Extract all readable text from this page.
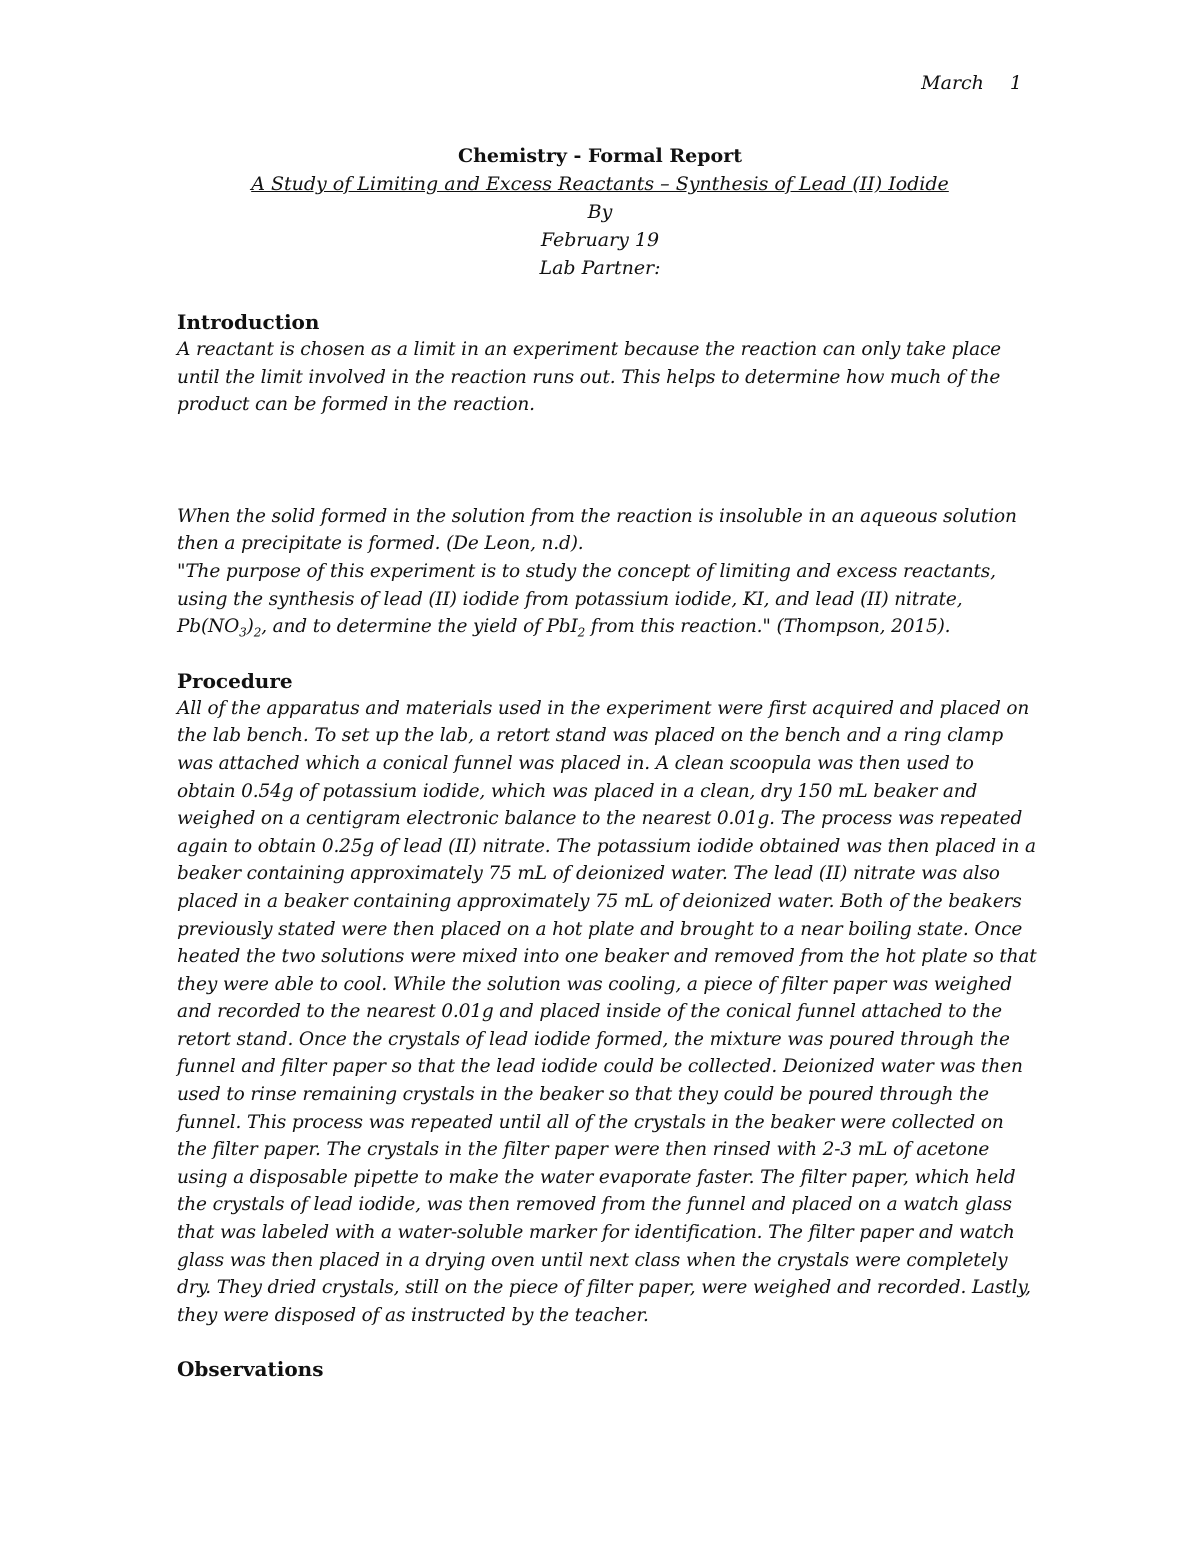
March 1
Chemistry - Formal Report
A Study of Limiting and Excess Reactants – Synthesis of Lead (II) Iodide
By
February 19
Lab Partner:
Introduction

A reactant is chosen as a limit in an experiment because the reaction can only take place until the limit involved in the reaction runs out. This helps to determine how much of the product can be formed in the reaction.

When the solid formed in the solution from the reaction is insoluble in an aqueous solution then a precipitate is formed. (De Leon, n.d).

"The purpose of this experiment is to study the concept of limiting and excess reactants, using the synthesis of lead (II) iodide from potassium iodide, KI, and lead (II) nitrate, $Pb(NO_3)_2$, and to determine the yield of PbI$_2$ from this reaction." (Thompson, 2015).

Procedure

All of the apparatus and materials used in the experiment were first acquired and placed on the lab bench. To set up the lab, a retort stand was placed on the bench and a ring clamp was attached which a conical funnel was placed in. A clean scoopula was then used to obtain 0.54g of potassium iodide, which was placed in a clean, dry 150 mL beaker and weighed on a centigram electronic balance to the nearest 0.01g. The process was repeated again to obtain 0.25g of lead (II) nitrate. The potassium iodide obtained was then placed in a beaker containing approximately 75 mL of deionized water. The lead (II) nitrate was also placed in a beaker containing approximately 75 mL of deionized water. Both of the beakers previously stated were then placed on a hot plate and brought to a near boiling state. Once heated the two solutions were mixed into one beaker and removed from the hot plate so that they were able to cool. While the solution was cooling, a piece of filter paper was weighed and recorded to the nearest 0.01g and placed inside of the conical funnel attached to the retort stand. Once the crystals of lead iodide formed, the mixture was poured through the funnel and filter paper so that the lead iodide could be collected. Deionized water was then used to rinse remaining crystals in the beaker so that they could be poured through the funnel. This process was repeated until all of the crystals in the beaker were collected on the filter paper. The crystals in the filter paper were then rinsed with 2-3 mL of acetone using a disposable pipette to make the water evaporate faster. The filter paper, which held the crystals of lead iodide, was then removed from the funnel and placed on a watch glass that was labeled with a water-soluble marker for identification. The filter paper and watch glass was then placed in a drying oven until next class when the crystals were completely dry. They dried crystals, still on the piece of filter paper, were weighed and recorded. Lastly, they were disposed of as instructed by the teacher.

Observations
